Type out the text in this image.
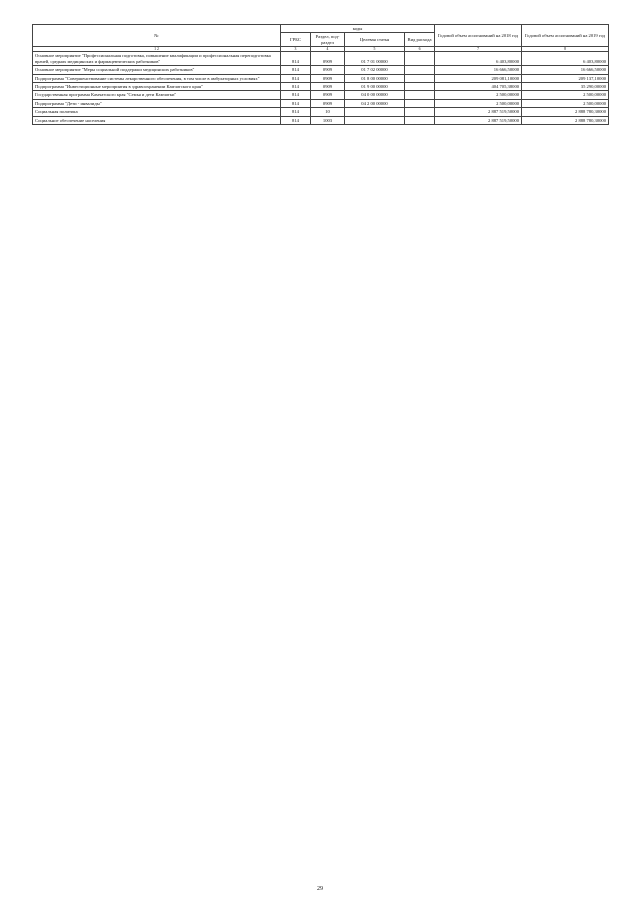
№	коды				Годовой объем ассигнований на 2018 год	Годовой объем ассигнований на 2019 год
	ГРБС	Раздел, под-раздел	Целевая статья	Вид расхода		
1 2	3	4	5	6	7	8
Основное мероприятие "Профессиональная подготовка, повышение квалификации и профессиональная переподготовка врачей, средних медицинских и фармацевтических работников"	814	0909	01 7 01 00000		6 403,80000	6 403,80000
Основное мероприятие "Меры социальной поддержки медицинских работников"	814	0909	01 7 02 00000		16 666,50000	16 666,50000
Подпрограмма "Совершенствование системы лекарственного обеспечения, в том числе в амбулаторных условиях"	814	0909	01 8 00 00000		209 081,10000	209 137,10000
Подпрограмма "Инвестиционные мероприятия в здравоохранении Камчатского края"	814	0909	01 9 00 00000		404 705,38000	35 290,00000
Государственная программа Камчатского края "Семья и дети Камчатки"	814	0909	04 0 00 00000		2 500,00000	2 500,00000
Подпрограмма "Дети - инвалиды"	814	0909	04 2 00 00000		2 500,00000	2 500,00000
Социальная политика	814	10			2 887 519,50000	2 888 780,30000
Социальное обеспечение населения	814	1003			2 887 519,50000	2 888 780,30000
29
